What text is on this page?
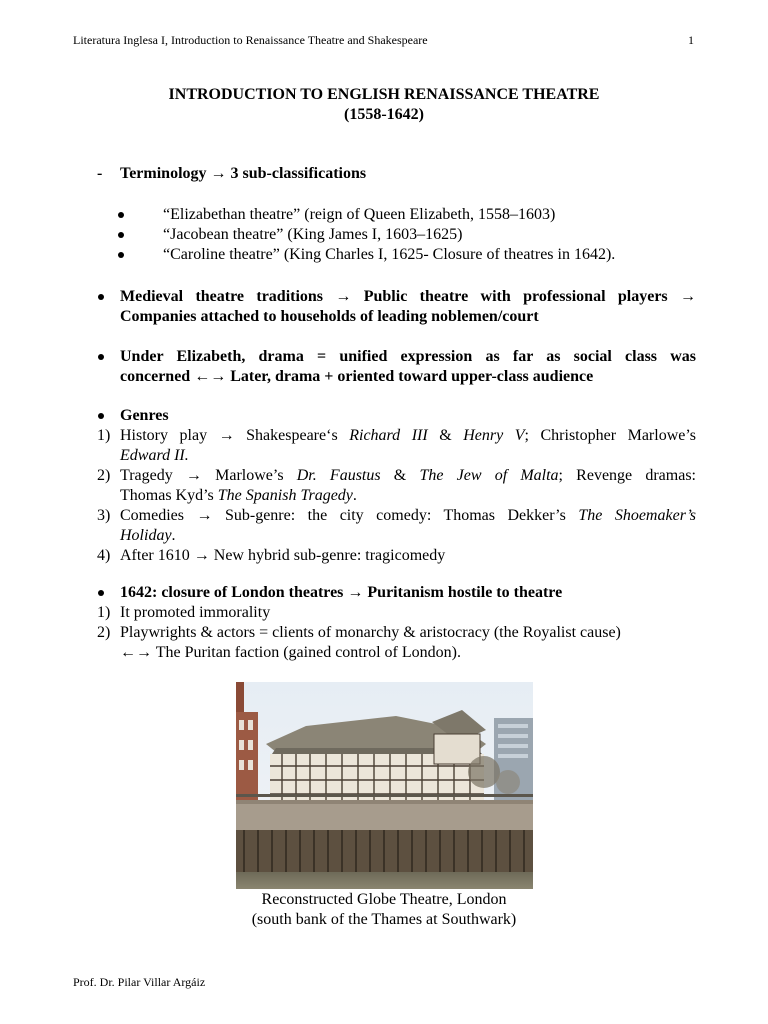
Literatura Inglesa I, Introduction to Renaissance Theatre and Shakespeare	1
INTRODUCTION TO ENGLISH RENAISSANCE THEATRE
(1558-1642)
- Terminology → 3 sub-classifications
“Elizabethan theatre” (reign of Queen Elizabeth, 1558–1603)
“Jacobean theatre” (King James I, 1603–1625)
“Caroline theatre” (King Charles I, 1625- Closure of theatres in 1642).
Medieval theatre traditions → Public theatre with professional players →
Companies attached to households of leading noblemen/court
Under Elizabeth, drama = unified expression as far as social class was
concerned ←→ Later, drama + oriented toward upper-class audience
Genres
1) History play → Shakespeare‘s Richard III & Henry V; Christopher Marlowe’s
Edward II.
2) Tragedy → Marlowe’s Dr. Faustus & The Jew of Malta; Revenge dramas:
Thomas Kyd’s The Spanish Tragedy.
3) Comedies → Sub-genre: the city comedy: Thomas Dekker’s The Shoemaker’s
Holiday.
4) After 1610 → New hybrid sub-genre: tragicomedy
1642: closure of London theatres → Puritanism hostile to theatre
1) It promoted immorality
2) Playwrights & actors = clients of monarchy & aristocracy (the Royalist cause)
←→ The Puritan faction (gained control of London).
Reconstructed Globe Theatre, London
(south bank of the Thames at Southwark)
Prof. Dr. Pilar Villar Argáiz
